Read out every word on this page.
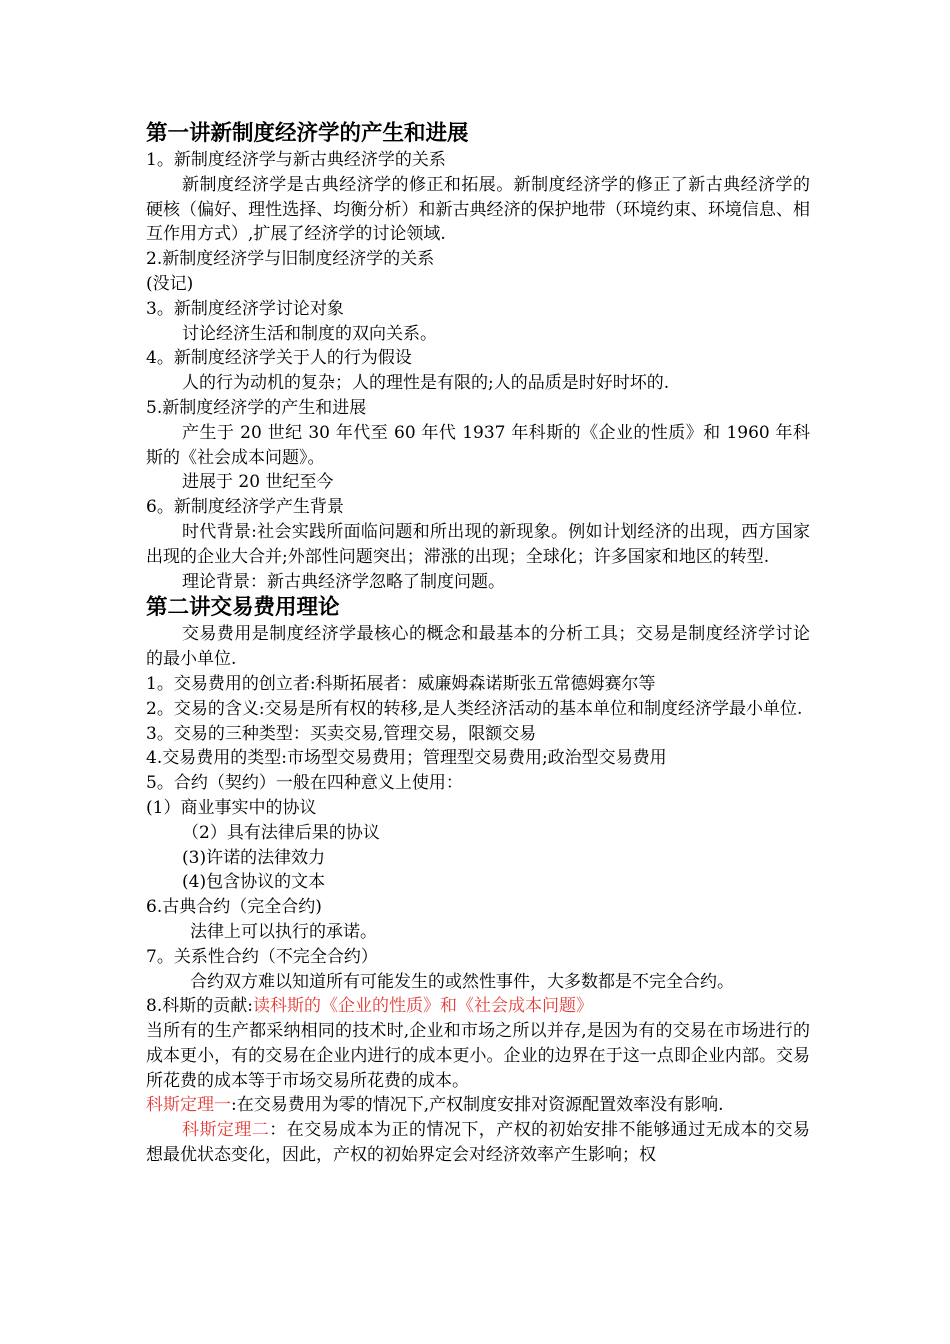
第一讲新制度经济学的产生和进展
1。新制度经济学与新古典经济学的关系
新制度经济学是古典经济学的修正和拓展。新制度经济学的修正了新古典经济学的硬核（偏好、理性选择、均衡分析）和新古典经济的保护地带（环境约束、环境信息、相互作用方式）,扩展了经济学的讨论领域.
2.新制度经济学与旧制度经济学的关系
(没记)
3。新制度经济学讨论对象
讨论经济生活和制度的双向关系。
4。新制度经济学关于人的行为假设
人的行为动机的复杂；人的理性是有限的;人的品质是时好时坏的.
5.新制度经济学的产生和进展
产生于 20 世纪 30 年代至 60 年代 1937 年科斯的《企业的性质》和 1960 年科斯的《社会成本问题》。
进展于 20 世纪至今
6。新制度经济学产生背景
时代背景:社会实践所面临问题和所出现的新现象。例如计划经济的出现，西方国家出现的企业大合并;外部性问题突出；滞涨的出现；全球化；许多国家和地区的转型.
理论背景：新古典经济学忽略了制度问题。
第二讲交易费用理论
交易费用是制度经济学最核心的概念和最基本的分析工具；交易是制度经济学讨论的最小单位.
1。交易费用的创立者:科斯拓展者：威廉姆森诺斯张五常德姆赛尔等
2。交易的含义:交易是所有权的转移,是人类经济活动的基本单位和制度经济学最小单位.
3。交易的三种类型：买卖交易,管理交易，限额交易
4.交易费用的类型:市场型交易费用；管理型交易费用;政治型交易费用
5。合约（契约）一般在四种意义上使用：
(1）商业事实中的协议
（2）具有法律后果的协议
(3)许诺的法律效力
(4)包含协议的文本
6.古典合约（完全合约)
法律上可以执行的承诺。
7。关系性合约（不完全合约）
合约双方难以知道所有可能发生的或然性事件，大多数都是不完全合约。
8.科斯的贡献:读科斯的《企业的性质》和《社会成本问题》
当所有的生产都采纳相同的技术时,企业和市场之所以并存,是因为有的交易在市场进行的成本更小，有的交易在企业内进行的成本更小。企业的边界在于这一点即企业内部。交易所花费的成本等于市场交易所花费的成本。
科斯定理一:在交易费用为零的情况下,产权制度安排对资源配置效率没有影响.
科斯定理二：在交易成本为正的情况下，产权的初始安排不能够通过无成本的交易想最优状态变化，因此，产权的初始界定会对经济效率产生影响；权
